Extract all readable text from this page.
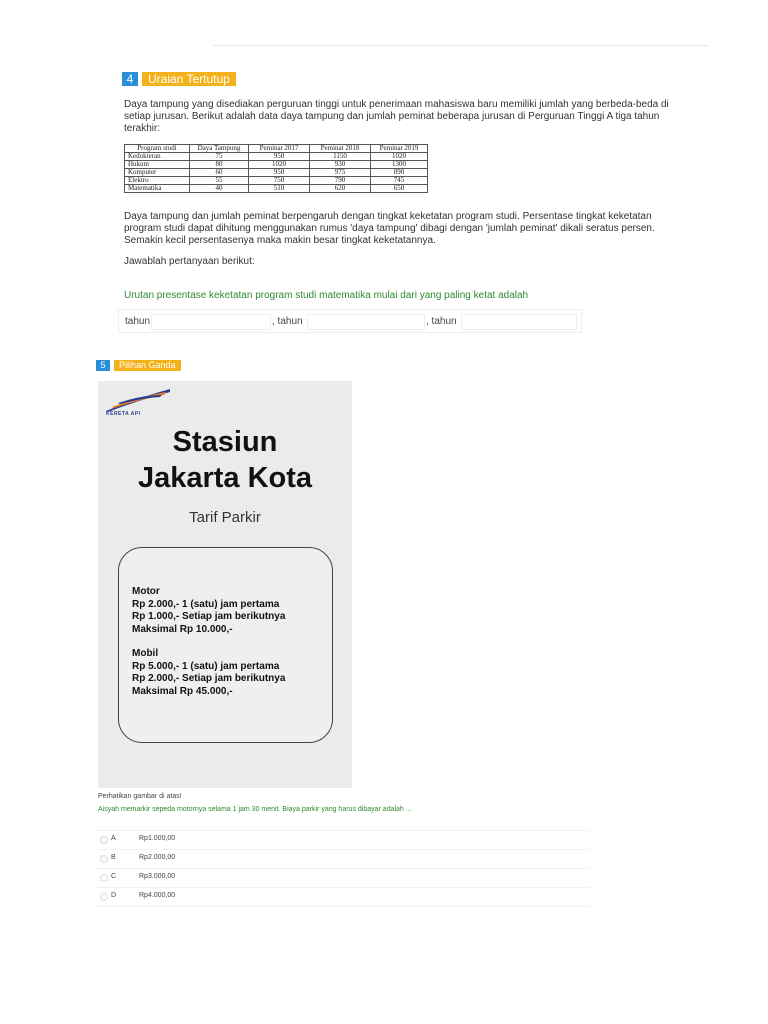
4	Uraian Tertutup
Daya tampung yang disediakan perguruan tinggi untuk penerimaan mahasiswa baru memiliki jumlah yang berbeda-beda di setiap jurusan. Berikut adalah data daya tampung dan jumlah peminat beberapa jurusan di Perguruan Tinggi A tiga tahun terakhir:
Program studi	Daya Tampung	Peminat 2017	Peminat 2018	Peminat 2019
Kedokteran	75	950	1150	1020
Hukum	80	1020	930	1300
Komputer	60	950	975	890
Elektro	55	750	790	745
Matematika	40	510	620	650
Daya tampung dan jumlah peminat berpengaruh dengan tingkat keketatan program studi. Persentase tingkat keketatan program studi dapat dihitung menggunakan rumus 'daya tampung' dibagi dengan 'jumlah peminat' dikali seratus persen. Semakin kecil persentasenya maka makin besar tingkat keketatannya.
Jawablah pertanyaan berikut:
Urutan presentase keketatan program studi matematika mulai dari yang paling ketat adalah
tahun	, tahun	, tahun
5	Pilihan Ganda
KERETA API
Stasiun
Jakarta Kota
Tarif Parkir
Motor
Rp 2.000,- 1 (satu) jam pertama
Rp 1.000,- Setiap jam berikutnya
Maksimal Rp 10.000,-
Mobil
Rp 5.000,- 1 (satu) jam pertama
Rp 2.000,- Setiap jam berikutnya
Maksimal Rp 45.000,-
Perhatikan gambar di atas!
Aisyah memarkir sepeda motornya selama 1 jam 30 menit. Biaya parkir yang harus dibayar adalah ...
A	Rp1.000,00
B	Rp2.000,00
C	Rp3.000,00
D	Rp4.000,00
